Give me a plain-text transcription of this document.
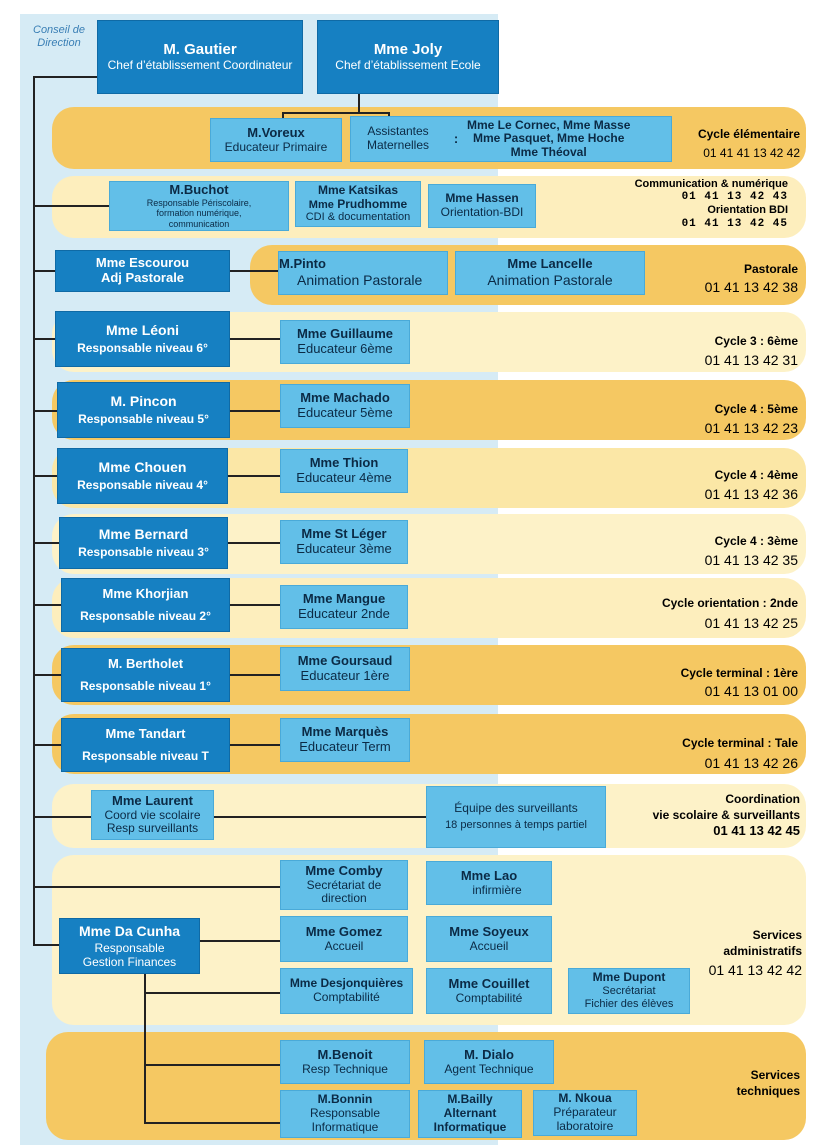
Conseil de Direction	M. Gautier
Chef d’établissement Coordinateur
Mme Joly
Chef d’établissement Ecole
M.Voreux
Educateur Primaire
Assistantes
Maternelles	:
Mme Le Cornec, Mme Masse
Mme Pasquet, Mme Hoche
Mme Théoval
Cycle élémentaire
01 41 41 13 42 42
M.Buchot
Responsable Périscolaire,
formation numérique,
communication
Mme Katsikas
Mme Prudhomme
CDI & documentation
Mme Hassen
Orientation-BDI
Communication & numérique
01 41 13 42 43
Orientation BDI
01 41 13 42 45
Mme Escourou
Adj Pastorale
M.Pinto
Animation Pastorale
Mme Lancelle
Animation Pastorale
Pastorale
01 41 13 42 38
Mme Léoni
Responsable niveau 6°
Mme Guillaume
Educateur 6ème	Cycle 3 : 6ème
01 41 13 42 31
M. Pincon
Responsable niveau 5°
Mme Machado
Educateur 5ème	Cycle 4 : 5ème
01 41 13 42 23
Mme Chouen
Responsable niveau 4°
Mme Thion
Educateur 4ème	Cycle 4 : 4ème
01 41 13 42 36
Mme Bernard
Responsable niveau 3°
Mme St Léger
Educateur 3ème	Cycle 4 : 3ème
01 41 13 42 35
Mme Khorjian
Responsable niveau 2°
Mme Mangue
Educateur 2nde
Cycle orientation : 2nde
01 41 13 42 25
M. Bertholet
Responsable niveau 1°
Mme Goursaud
Educateur 1ère	Cycle terminal : 1ère
01 41 13 01 00
Mme Tandart
Responsable niveau T
Mme Marquès
Educateur Term	Cycle terminal : Tale
01 41 13 42 26
Mme Laurent
Coord vie scolaire
Resp surveillants
Équipe des surveillants
18 personnes à temps partiel
Coordination
vie scolaire & surveillants
01 41 13 42 45
Mme Da Cunha
Responsable
Gestion Finances
Mme Comby
Secrétariat de
direction
Mme Lao
infirmière
Mme Gomez
Accueil
Mme Soyeux
Accueil
Mme Desjonquières
Comptabilité
Mme Couillet
Comptabilité
Mme Dupont
Secrétariat
Fichier des élèves
Services
administratifs
01 41 13 42 42
M.Benoit
Resp Technique
M. Dialo
Agent Technique
M.Bonnin
Responsable
Informatique
M.Bailly
Alternant
Informatique
M. Nkoua
Préparateur
laboratoire
Services
techniques
